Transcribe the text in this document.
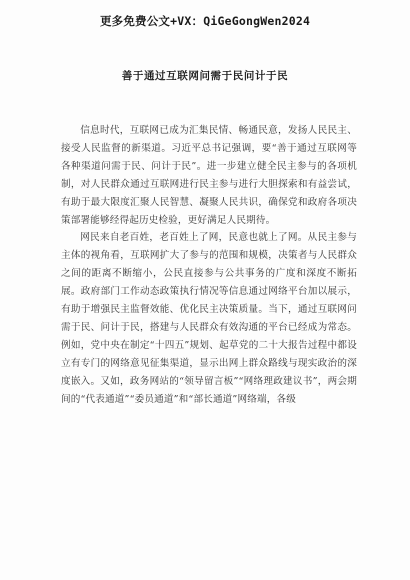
更多免费公文+VX：QiGeGongWen2024
善于通过互联网问需于民问计于民

信息时代，互联网已成为汇集民情、畅通民意，发扬人民民主、接受人民监督的新渠道。习近平总书记强调，要“善于通过互联网等各种渠道问需于民、问计于民”。进一步建立健全民主参与的各项机制，对人民群众通过互联网进行民主参与进行大胆探索和有益尝试，有助于最大限度汇聚人民智慧、凝聚人民共识，确保党和政府各项决策部署能够经得起历史检验，更好满足人民期待。

网民来自老百姓，老百姓上了网，民意也就上了网。从民主参与主体的视角看，互联网扩大了参与的范围和规模，决策者与人民群众之间的距离不断缩小，公民直接参与公共事务的广度和深度不断拓展。政府部门工作动态政策执行情况等信息通过网络平台加以展示，有助于增强民主监督效能、优化民主决策质量。当下，通过互联网问需于民、问计于民，搭建与人民群众有效沟通的平台已经成为常态。例如，党中央在制定“十四五”规划、起草党的二十大报告过程中都设立有专门的网络意见征集渠道，显示出网上群众路线与现实政治的深度嵌入。又如，政务网站的“领导留言板”“网络理政建议书”，两会期间的“代表通道”“委员通道”和“部长通道”网络端，各级
